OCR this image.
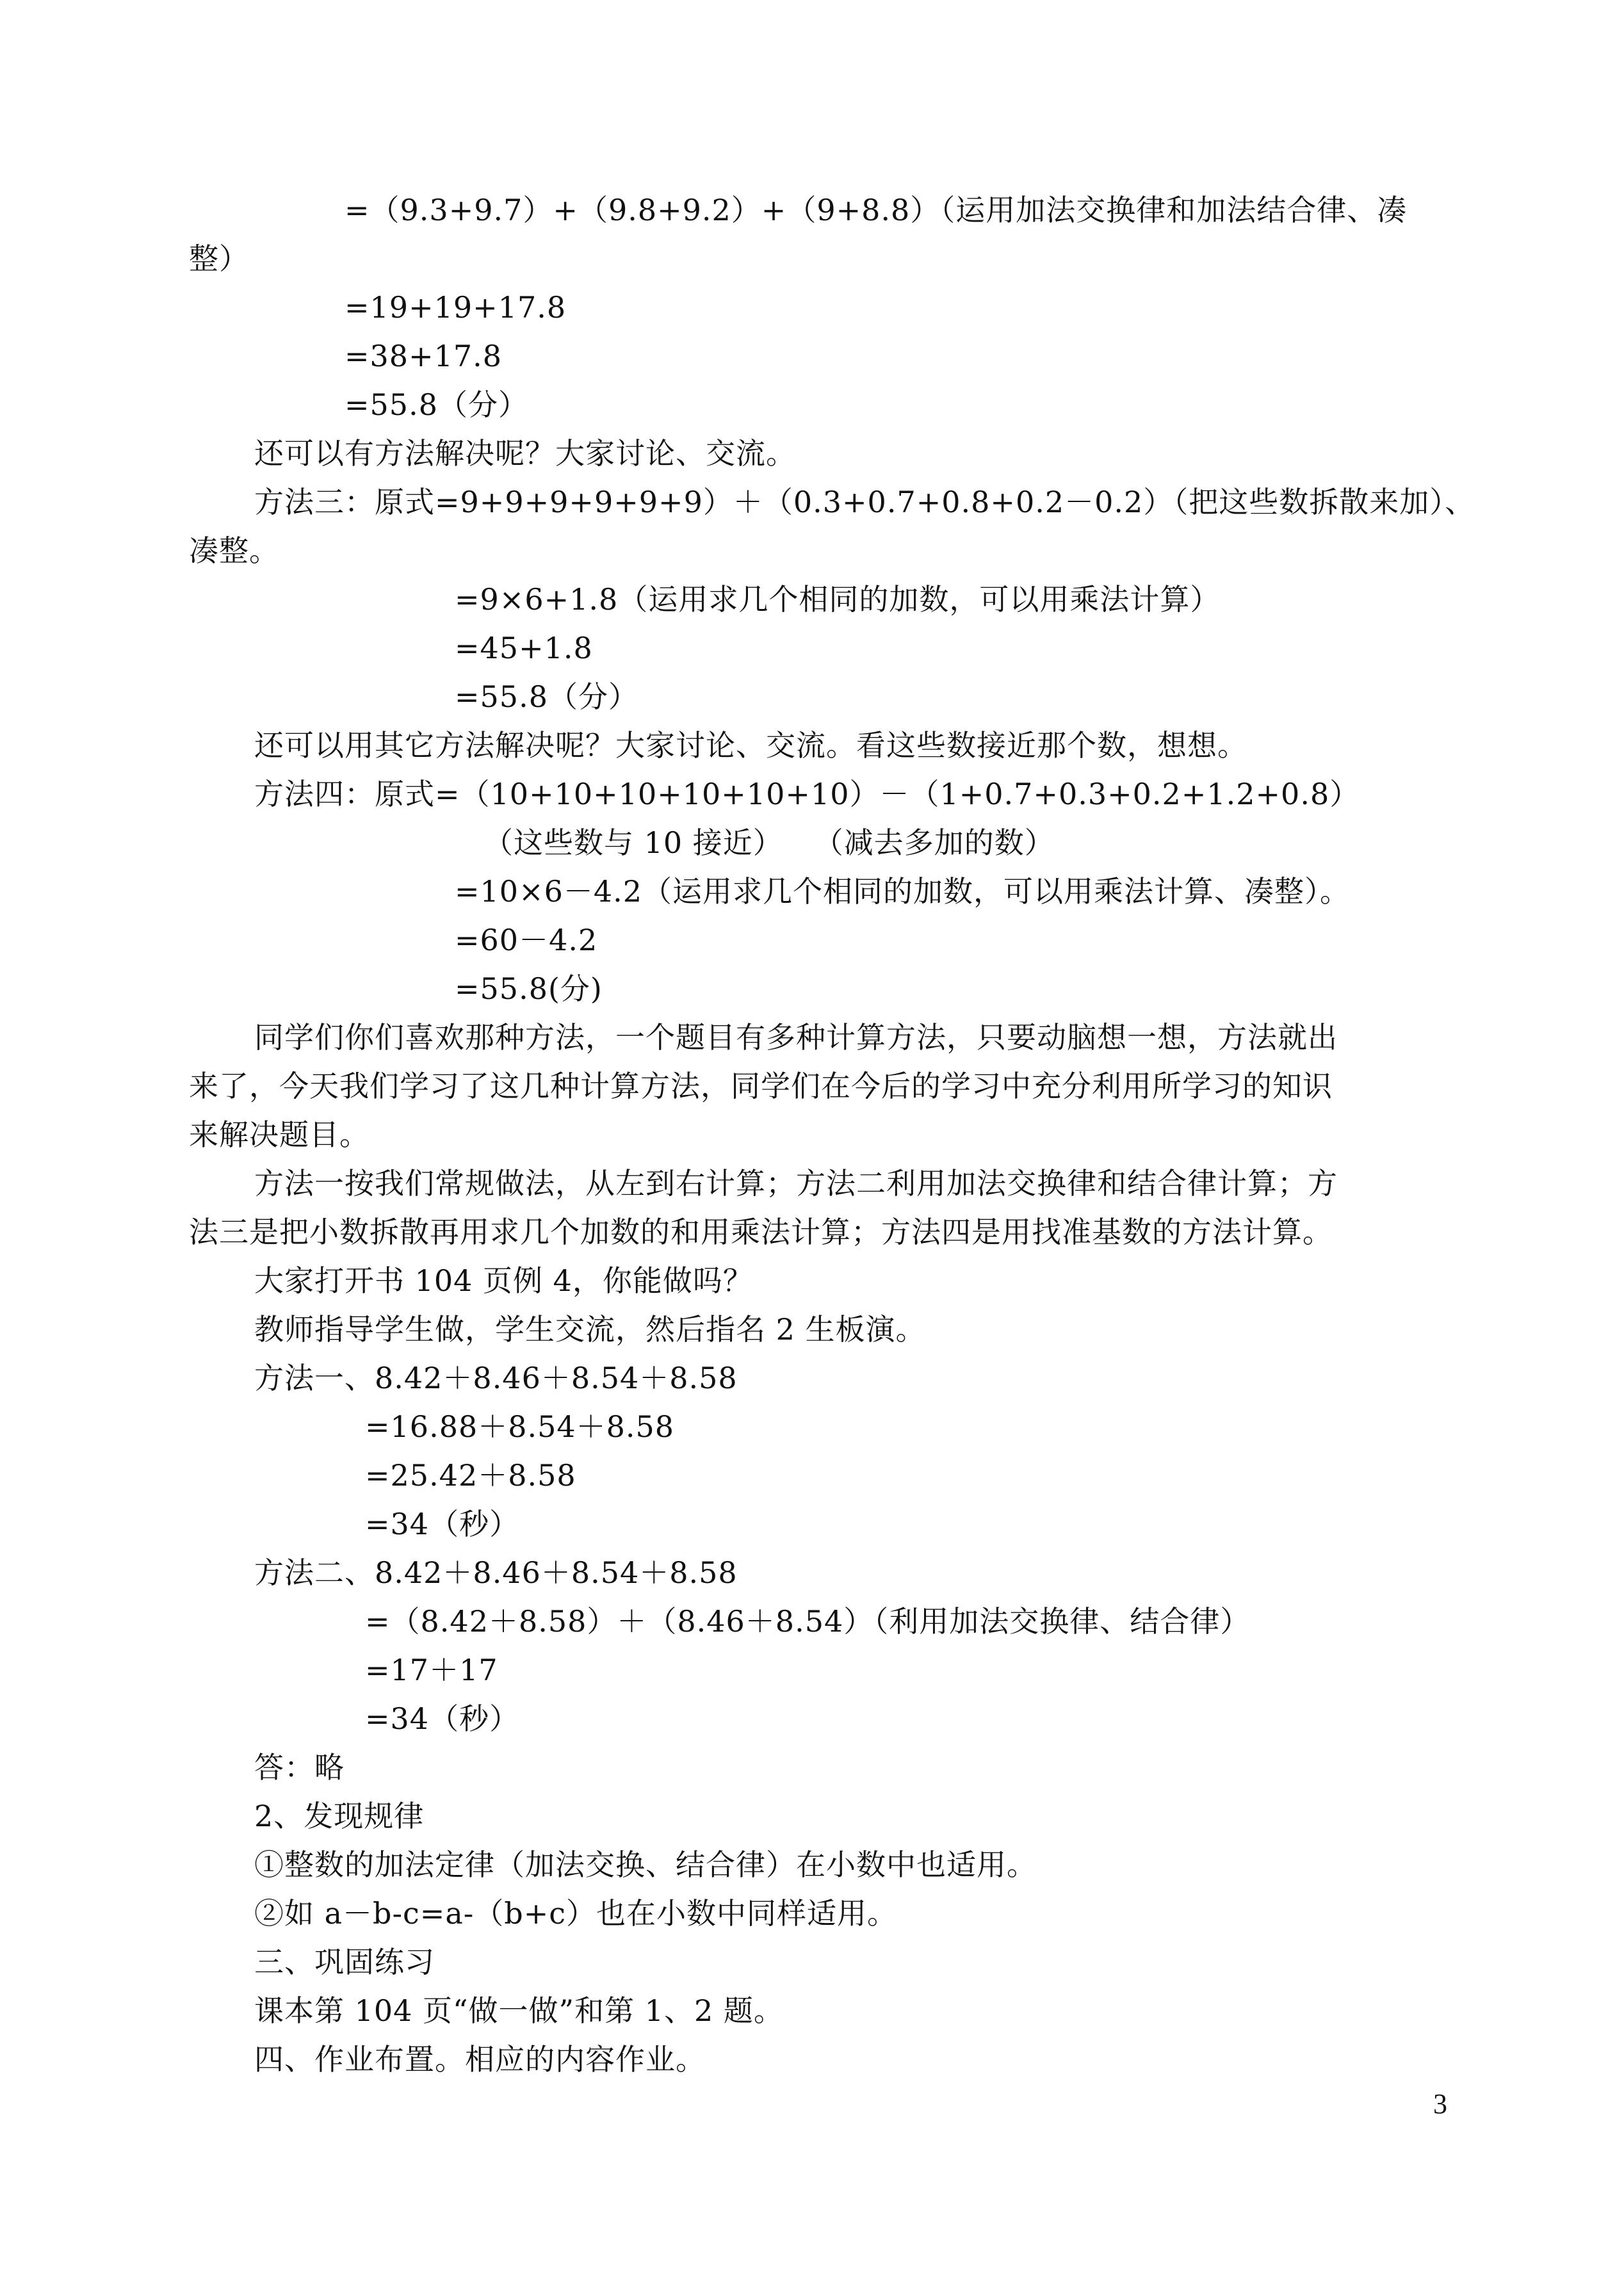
=（9.3+9.7）+（9.8+9.2）+（9+8.8）（运用加法交换律和加法结合律、凑
整）
=19+19+17.8
=38+17.8
=55.8（分）
还可以有方法解决呢？大家讨论、交流。
方法三：原式=9+9+9+9+9+9）＋（0.3+0.7+0.8+0.2－0.2）（把这些数拆散来加）、
凑整。
=9×6+1.8（运用求几个相同的加数，可以用乘法计算）
=45+1.8
=55.8（分）
还可以用其它方法解决呢？大家讨论、交流。看这些数接近那个数，想想。
方法四：原式=（10+10+10+10+10+10）－（1+0.7+0.3+0.2+1.2+0.8）
（这些数与 10 接近）　　（减去多加的数）
=10×6－4.2（运用求几个相同的加数，可以用乘法计算、凑整）。
=60－4.2
=55.8(分)
同学们你们喜欢那种方法，一个题目有多种计算方法，只要动脑想一想，方法就出
来了，今天我们学习了这几种计算方法，同学们在今后的学习中充分利用所学习的知识
来解决题目。
方法一按我们常规做法，从左到右计算；方法二利用加法交换律和结合律计算；方
法三是把小数拆散再用求几个加数的和用乘法计算；方法四是用找准基数的方法计算。
大家打开书 104 页例 4，你能做吗？
教师指导学生做，学生交流，然后指名 2 生板演。
方法一、8.42＋8.46＋8.54＋8.58
=16.88＋8.54＋8.58
=25.42＋8.58
=34（秒）
方法二、8.42＋8.46＋8.54＋8.58
=（8.42＋8.58）＋（8.46＋8.54）（利用加法交换律、结合律）
=17＋17
=34（秒）
答：略
2、发现规律
①整数的加法定律（加法交换、结合律）在小数中也适用。
②如 a－b-c=a-（b+c）也在小数中同样适用。
三、巩固练习
课本第 104 页“做一做”和第 1、2 题。
四、作业布置。相应的内容作业。
3
